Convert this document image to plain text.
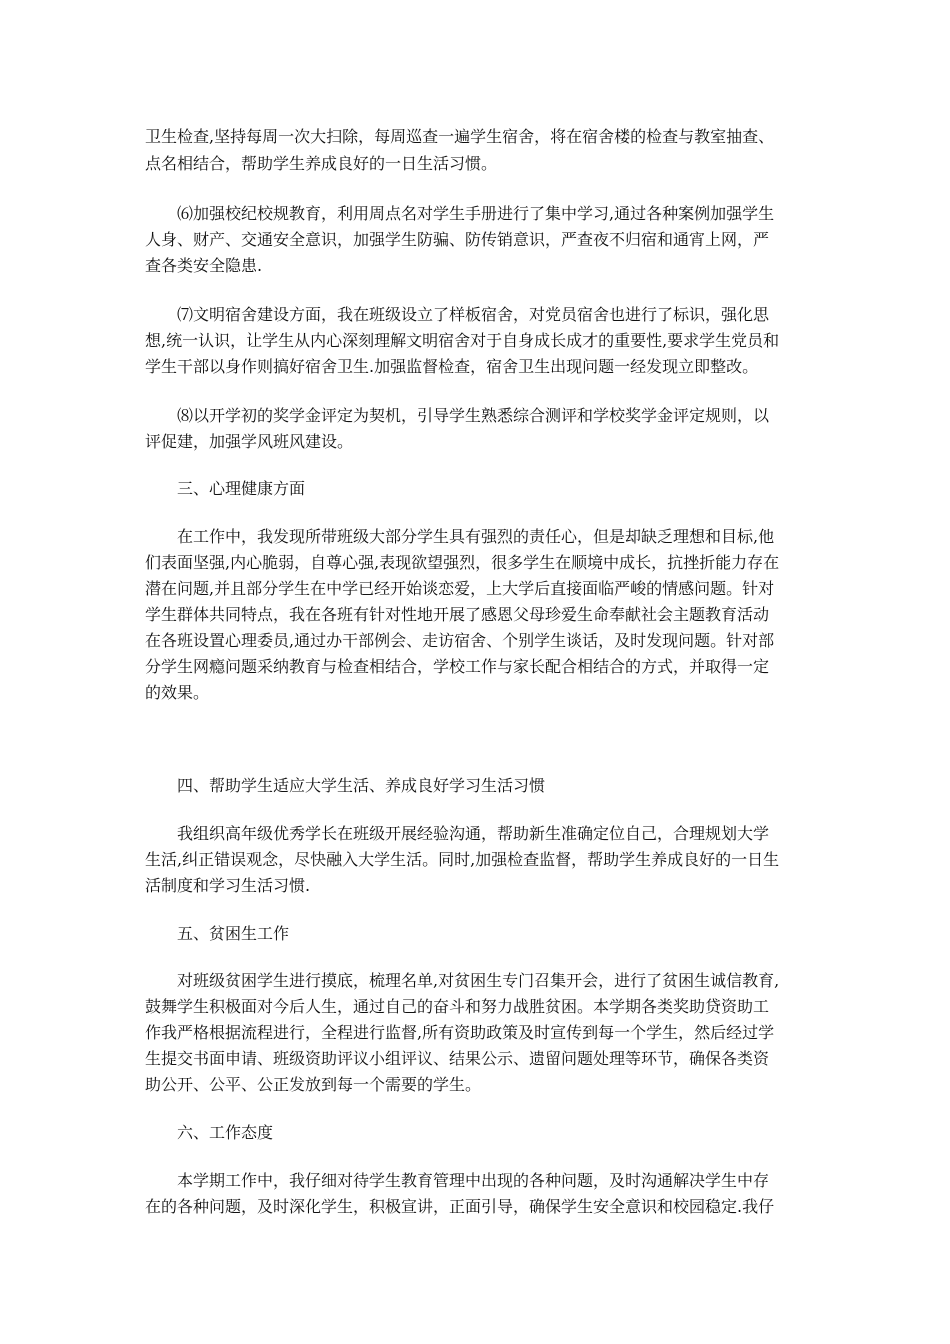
卫生检查,坚持每周一次大扫除，每周巡查一遍学生宿舍，将在宿舍楼的检查与教室抽查、
点名相结合，帮助学生养成良好的一日生活习惯。
⑹加强校纪校规教育，利用周点名对学生手册进行了集中学习,通过各种案例加强学生
人身、财产、交通安全意识，加强学生防骗、防传销意识，严查夜不归宿和通宵上网，严
查各类安全隐患.
⑺文明宿舍建设方面，我在班级设立了样板宿舍，对党员宿舍也进行了标识，强化思
想,统一认识，让学生从内心深刻理解文明宿舍对于自身成长成才的重要性,要求学生党员和
学生干部以身作则搞好宿舍卫生.加强监督检查，宿舍卫生出现问题一经发现立即整改。
⑻以开学初的奖学金评定为契机，引导学生熟悉综合测评和学校奖学金评定规则，以
评促建，加强学风班风建设。
三、心理健康方面
在工作中，我发现所带班级大部分学生具有强烈的责任心，但是却缺乏理想和目标,他
们表面坚强,内心脆弱，自尊心强,表现欲望强烈，很多学生在顺境中成长，抗挫折能力存在
潜在问题,并且部分学生在中学已经开始谈恋爱，上大学后直接面临严峻的情感问题。针对
学生群体共同特点，我在各班有针对性地开展了感恩父母珍爱生命奉献社会主题教育活动
在各班设置心理委员,通过办干部例会、走访宿舍、个别学生谈话，及时发现问题。针对部
分学生网瘾问题采纳教育与检查相结合，学校工作与家长配合相结合的方式，并取得一定
的效果。
四、帮助学生适应大学生活、养成良好学习生活习惯
我组织高年级优秀学长在班级开展经验沟通，帮助新生准确定位自己，合理规划大学
生活,纠正错误观念，尽快融入大学生活。同时,加强检查监督，帮助学生养成良好的一日生
活制度和学习生活习惯.
五、贫困生工作
对班级贫困学生进行摸底，梳理名单,对贫困生专门召集开会，进行了贫困生诚信教育,
鼓舞学生积极面对今后人生，通过自己的奋斗和努力战胜贫困。本学期各类奖助贷资助工
作我严格根据流程进行，全程进行监督,所有资助政策及时宣传到每一个学生，然后经过学
生提交书面申请、班级资助评议小组评议、结果公示、遗留问题处理等环节，确保各类资
助公开、公平、公正发放到每一个需要的学生。
六、工作态度
本学期工作中，我仔细对待学生教育管理中出现的各种问题，及时沟通解决学生中存
在的各种问题，及时深化学生，积极宣讲，正面引导，确保学生安全意识和校园稳定.我仔
